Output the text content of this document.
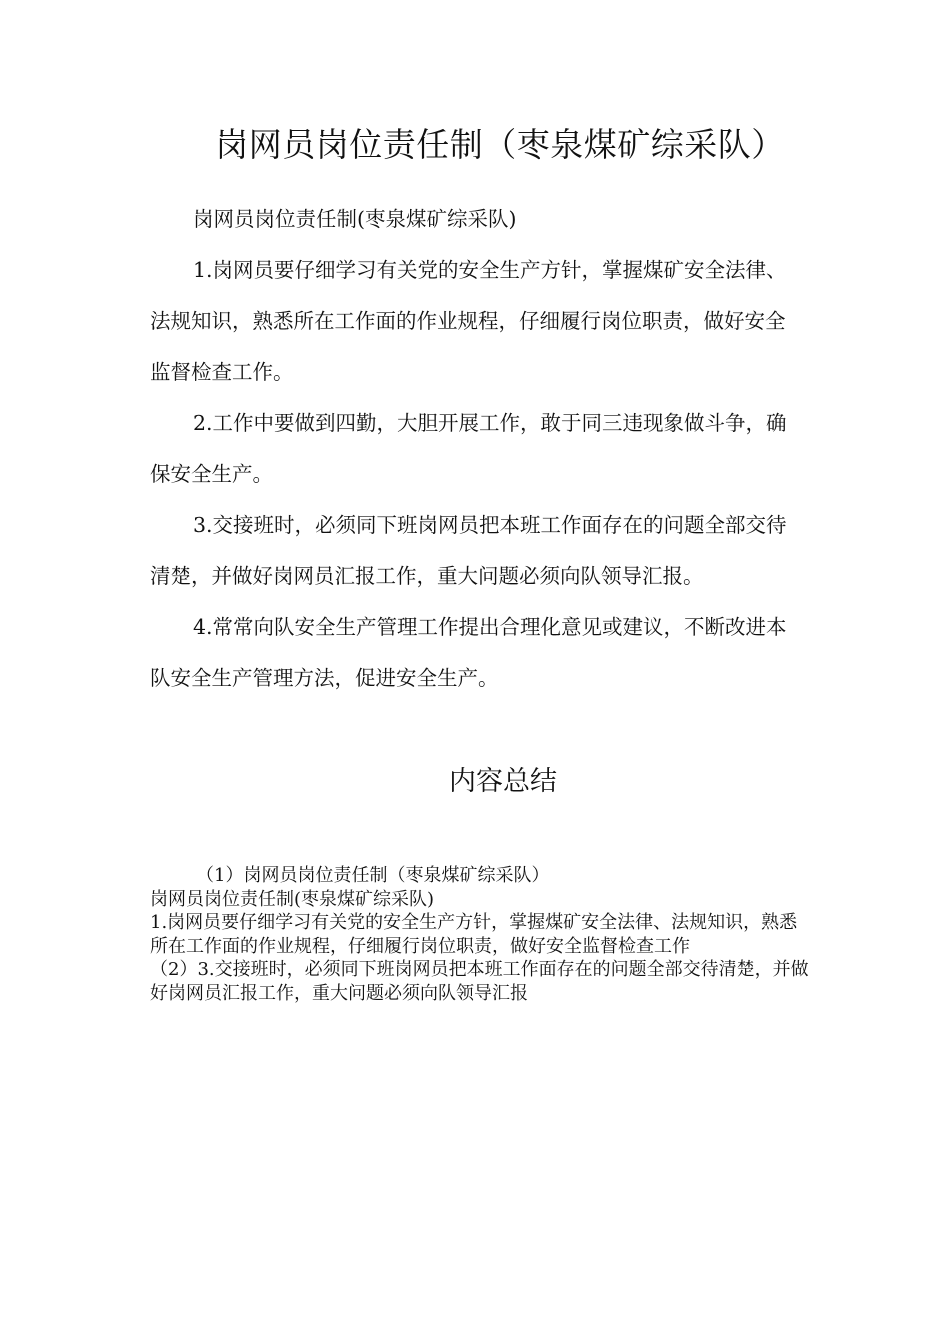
岗网员岗位责任制（枣泉煤矿综采队）

岗网员岗位责任制(枣泉煤矿综采队)

1.岗网员要仔细学习有关党的安全生产方针，掌握煤矿安全法律、法规知识，熟悉所在工作面的作业规程，仔细履行岗位职责，做好安全监督检查工作。

2.工作中要做到四勤，大胆开展工作，敢于同三违现象做斗争，确保安全生产。

3.交接班时，必须同下班岗网员把本班工作面存在的问题全部交待清楚，并做好岗网员汇报工作，重大问题必须向队领导汇报。

4.常常向队安全生产管理工作提出合理化意见或建议，不断改进本队安全生产管理方法，促进安全生产。

内容总结

（1）岗网员岗位责任制（枣泉煤矿综采队）

岗网员岗位责任制(枣泉煤矿综采队)

1.岗网员要仔细学习有关党的安全生产方针，掌握煤矿安全法律、法规知识，熟悉所在工作面的作业规程，仔细履行岗位职责，做好安全监督检查工作

（2）3.交接班时，必须同下班岗网员把本班工作面存在的问题全部交待清楚，并做好岗网员汇报工作，重大问题必须向队领导汇报
